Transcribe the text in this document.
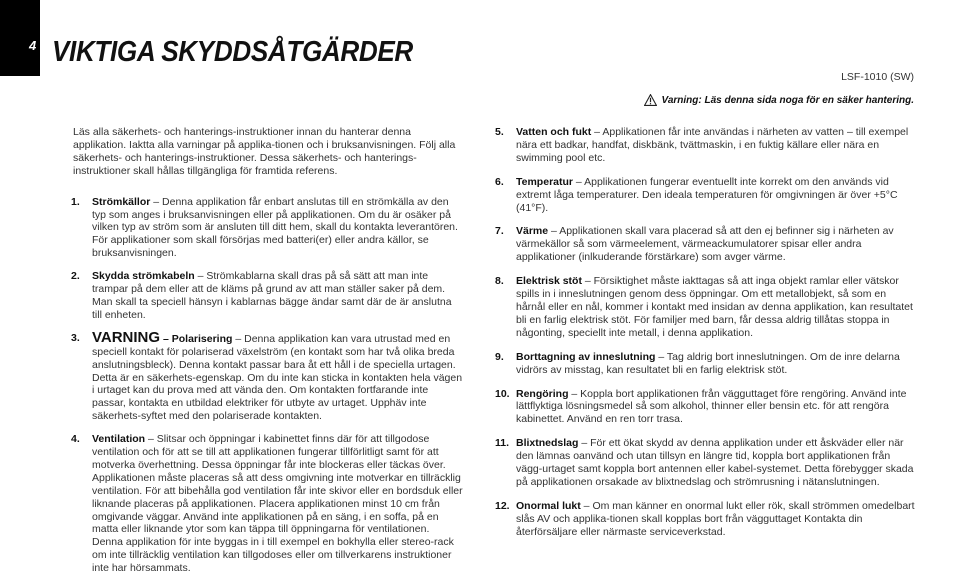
4 VIKTIGA SKYDDSÅTGÄRDER
LSF-1010 (SW)
Varning: Läs denna sida noga för en säker hantering.

Läs alla säkerhets- och hanterings-instruktioner innan du hanterar denna applikation. Iaktta alla varningar på applika-tionen och i bruksanvisningen. Följ alla säkerhets- och hanterings-instruktioner. Dessa säkerhets- och hanterings-instruktioner skall hållas tillgängliga för framtida referens.

1. Strömkällor – Denna applikation får enbart anslutas till en strömkälla av den typ som anges i bruksanvisningen eller på applikationen. Om du är osäker på vilken typ av ström som är ansluten till ditt hem, skall du kontakta leverantören. För applikationer som skall försörjas med batteri(er) eller andra källor, se bruksanvisningen.
2. Skydda strömkabeln – Strömkablarna skall dras på så sätt att man inte trampar på dem eller att de kläms på grund av att man ställer saker på dem. Man skall ta speciell hänsyn i kablarnas bägge ändar samt där de är anslutna till enheten.
3. VARNING – Polarisering – Denna applikation kan vara utrustad med en speciell kontakt för polariserad växelström (en kontakt som har två olika breda anslutningsbleck). Denna kontakt passar bara åt ett håll i de speciella urtagen. Detta är en säkerhets-egenskap. Om du inte kan sticka in kontakten hela vägen i urtaget kan du prova med att vända den. Om kontakten fortfarande inte passar, kontakta en utbildad elektriker för utbyte av urtaget. Upphäv inte säkerhets-syftet med den polariserade kontakten.
4. Ventilation – Slitsar och öppningar i kabinettet finns där för att tillgodose ventilation och för att se till att applikationen fungerar tillförlitligt samt för att motverka överhettning. Dessa öppningar får inte blockeras eller täckas över. Applikationen måste placeras så att dess omgivning inte motverkar en tillräcklig ventilation. För att bibehålla god ventilation får inte skivor eller en bordsduk eller liknande placeras på applikationen. Placera applikationen minst 10 cm från omgivande väggar. Använd inte applikationen på en säng, i en soffa, på en matta eller liknande ytor som kan täppa till öppningarna för ventilationen. Denna applikation för inte byggas in i till exempel en bokhylla eller stereo-rack om inte tillräcklig ventilation kan tillgodoses eller om tillverkarens instruktioner inte har hörsammats.
5. Vatten och fukt – Applikationen får inte användas i närheten av vatten – till exempel nära ett badkar, handfat, diskbänk, tvättmaskin, i en fuktig källare eller nära en swimming pool etc.
6. Temperatur – Applikationen fungerar eventuellt inte korrekt om den används vid extremt låga temperaturer. Den ideala temperaturen för omgivningen är över +5°C (41°F).
7. Värme – Applikationen skall vara placerad så att den ej befinner sig i närheten av värmekällor så som värmeelement, värmeackumulatorer spisar eller andra applikationer (inlkuderande förstärkare) som avger värme.
8. Elektrisk stöt – Försiktighet måste iakttagas så att inga objekt ramlar eller vätskor spills in i inneslutningen genom dess öppningar. Om ett metallobjekt, så som en hårnål eller en nål, kommer i kontakt med insidan av denna applikation, kan resultatet bli en farlig elektrisk stöt. För familjer med barn, får dessa aldrig tillåtas stoppa in någonting, speciellt inte metall, i denna applikation.
9. Borttagning av inneslutning – Tag aldrig bort inneslutningen. Om de inre delarna vidrörs av misstag, kan resultatet bli en farlig elektrisk stöt.
10. Rengöring – Koppla bort applikationen från vägguttaget före rengöring. Använd inte lättflyktiga lösningsmedel så som alkohol, thinner eller bensin etc. för att rengöra kabinettet. Använd en ren torr trasa.
11. Blixtnedslag – För ett ökat skydd av denna applikation under ett åskväder eller när den lämnas oanvänd och utan tillsyn en längre tid, koppla bort applikationen från vägg-urtaget samt koppla bort antennen eller kabel-systemet. Detta förebygger skada på applikationen orsakade av blixtnedslag och strömrusning i nätanslutningen.
12. Onormal lukt – Om man känner en onormal lukt eller rök, skall strömmen omedelbart slås AV och applika-tionen skall kopplas bort från vägguttaget Kontakta din återförsäljare eller närmaste serviceverkstad.
